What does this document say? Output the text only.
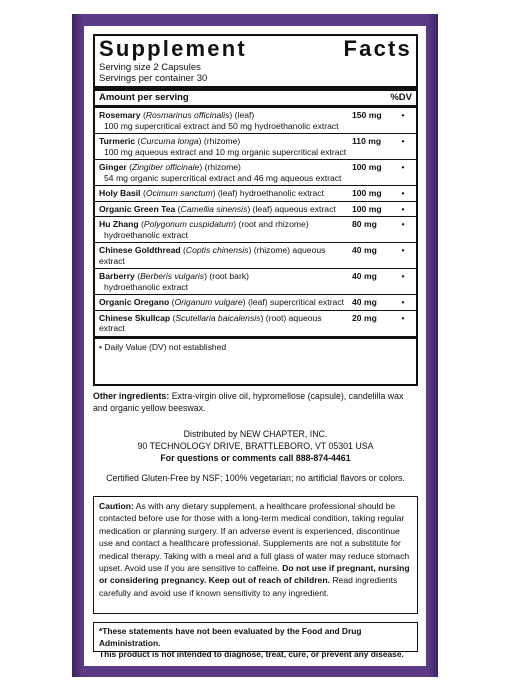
Supplement	Facts
Serving size 2 Capsules
Servings per container 30
Amount per serving	%DV
Rosemary (Rosmarinus officinalis) (leaf)
100 mg supercritical extract and 50 mg hydroethanolic extract
150 mg	•
Turmeric (Curcuma longa) (rhizome)
100 mg aqueous extract and 10 mg organic supercritical extract
110 mg	•
Ginger (Zingiber officinale) (rhizome)
54 mg organic supercritical extract and 46 mg aqueous extract
100 mg	•
Holy Basil (Ocimum sanctum) (leaf) hydroethanolic extract	100 mg	•
Organic Green Tea (Camellia sinensis) (leaf) aqueous extract	100 mg	•
Hu Zhang (Polygonum cuspidatum) (root and rhizome)
hydroethanolic extract
80 mg	•
Chinese Goldthread (Coptis chinensis) (rhizome) aqueous extract
40 mg	•
Barberry (Berberis vulgaris) (root bark)
hydroethanolic extract
40 mg	•
Organic Oregano (Origanum vulgare) (leaf) supercritical extract 40 mg	•
Chinese Skullcap (Scutellaria baicalensis) (root) aqueous extract
20 mg	•
• Daily Value (DV) not established
Other ingredients: Extra-virgin olive oil, hypromellose (capsule), candelilla wax and organic yellow beeswax.
Distributed by NEW CHAPTER, INC.
90 TECHNOLOGY DRIVE, BRATTLEBORO, VT 05301 USA
For questions or comments call 888-874-4461
Certified Gluten-Free by NSF; 100% vegetarian; no artificial flavors or colors.
Caution: As with any dietary supplement, a healthcare professional should be contacted before use for those with a long-term medical condition, taking regular medication or planning surgery. If an adverse event is experienced, discontinue use and contact a healthcare professional. Supplements are not a substitute for medical therapy. Taking with a meal and a full glass of water may reduce stomach upset. Avoid use if you are sensitive to caffeine. Do not use if pregnant, nursing or considering pregnancy. Keep out of reach of children. Read ingredients carefully and avoid use if known sensitivity to any ingredient.
*These statements have not been evaluated by the Food and Drug Administration.
This product is not intended to diagnose, treat, cure, or prevent any disease.
